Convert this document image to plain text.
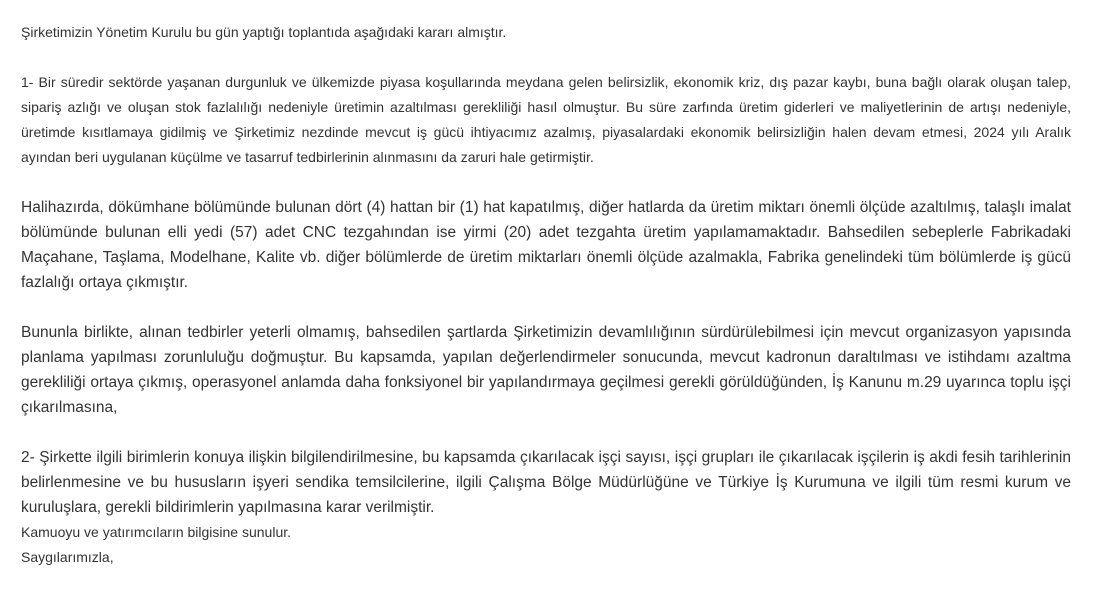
Şirketimizin Yönetim Kurulu bu gün yaptığı toplantıda aşağıdaki kararı almıştır.

1- Bir süredir sektörde yaşanan durgunluk ve ülkemizde piyasa koşullarında meydana gelen belirsizlik, ekonomik kriz, dış pazar kaybı, buna bağlı olarak oluşan talep, sipariş azlığı ve oluşan stok fazlalılığı nedeniyle üretimin azaltılması gerekliliği hasıl olmuştur. Bu süre zarfında üretim giderleri ve maliyetlerinin de artışı nedeniyle, üretimde kısıtlamaya gidilmiş ve Şirketimiz nezdinde mevcut iş gücü ihtiyacımız azalmış, piyasalardaki ekonomik belirsizliğin halen devam etmesi, 2024 yılı Aralık ayından beri uygulanan küçülme ve tasarruf tedbirlerinin alınmasını da zaruri hale getirmiştir.

Halihazırda, dökümhane bölümünde bulunan dört (4) hattan bir (1) hat kapatılmış, diğer hatlarda da üretim miktarı önemli ölçüde azaltılmış, talaşlı imalat bölümünde bulunan elli yedi (57) adet CNC tezgahından ise yirmi (20) adet tezgahta üretim yapılamamaktadır. Bahsedilen sebeplerle Fabrikadaki Maçahane, Taşlama, Modelhane, Kalite vb. diğer bölümlerde de üretim miktarları önemli ölçüde azalmakla, Fabrika genelindeki tüm bölümlerde iş gücü fazlalığı ortaya çıkmıştır.

Bununla birlikte, alınan tedbirler yeterli olmamış, bahsedilen şartlarda Şirketimizin devamlılığının sürdürülebilmesi için mevcut organizasyon yapısında planlama yapılması zorunluluğu doğmuştur. Bu kapsamda, yapılan değerlendirmeler sonucunda, mevcut kadronun daraltılması ve istihdamı azaltma gerekliliği ortaya çıkmış, operasyonel anlamda daha fonksiyonel bir yapılandırmaya geçilmesi gerekli görüldüğünden, İş Kanunu m.29 uyarınca toplu işçi çıkarılmasına,

2- Şirkette ilgili birimlerin konuya ilişkin bilgilendirilmesine, bu kapsamda çıkarılacak işçi sayısı, işçi grupları ile çıkarılacak işçilerin iş akdi fesih tarihlerinin belirlenmesine ve bu hususların işyeri sendika temsilcilerine, ilgili Çalışma Bölge Müdürlüğüne ve Türkiye İş Kurumuna ve ilgili tüm resmi kurum ve kuruluşlara, gerekli bildirimlerin yapılmasına karar verilmiştir.

Kamuoyu ve yatırımcıların bilgisine sunulur.

Saygılarımızla,
